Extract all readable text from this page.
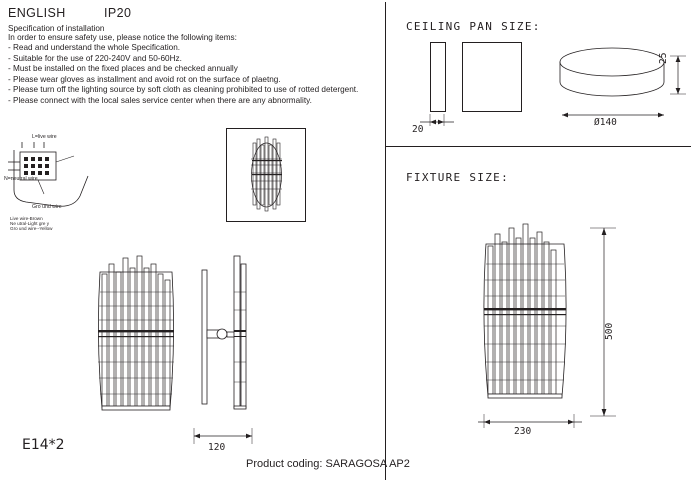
ENGLISH	IP20
Specification of installation
In order to ensure safety use, please notice the following items:
- Read and understand the whole Specification.
- Suitable for the use of 220-240V and 50-60Hz.
- Must be installed on the fixed places and be checked annually
- Please wear gloves as installment and avoid rot on the surface of plaetng.
- Please turn off the lighting source by soft cloth as cleaning prohibited to use of rotted detergent.
- Please connect with the local sales service center when there are any abnormality.
L=live wire
N=neutral wire
Gro und wire
Live wire-Brown
Ne utral-Light gre y
Gro und wire--Yellow
120
E14*2
CEILING PAN SIZE:
25
20
Ø140
FIXTURE SIZE:
500
230
Product coding: SARAGOSA AP2
